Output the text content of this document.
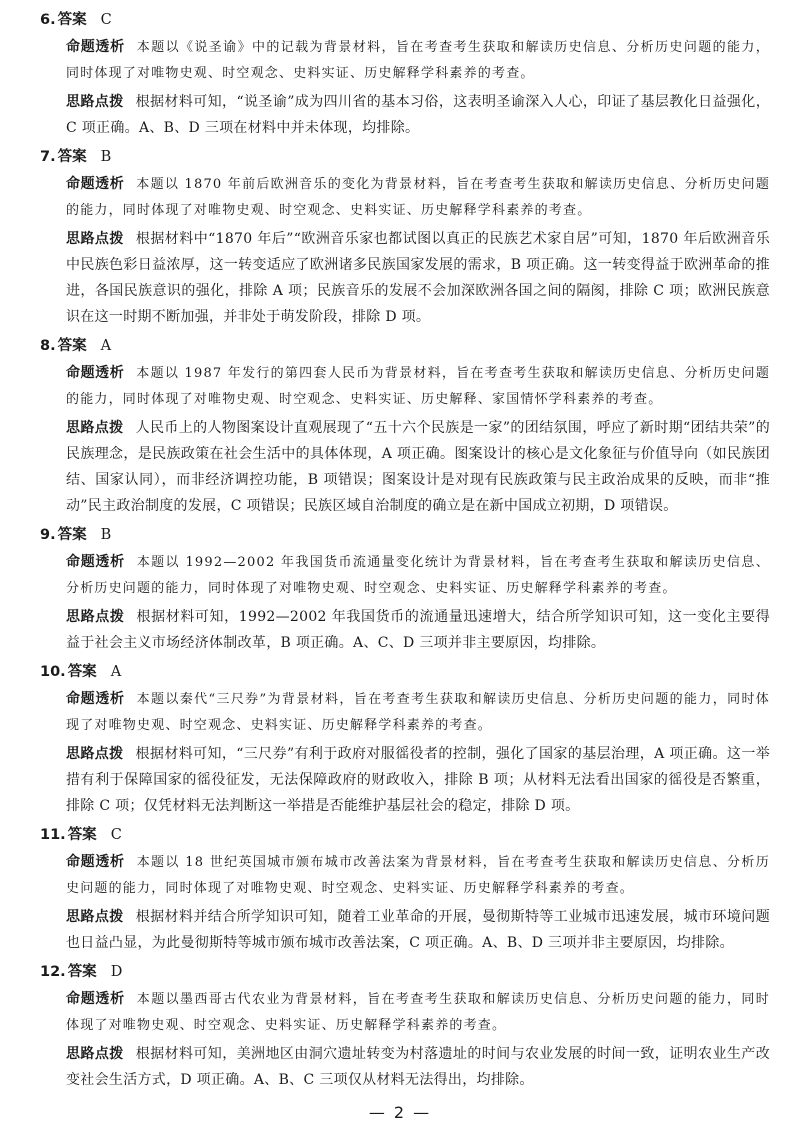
6. 答案 C

命题透析 本题以《说圣谕》中的记载为背景材料，旨在考查考生获取和解读历史信息、分析历史问题的能力，同时体现了对唯物史观、时空观念、史料实证、历史解释学科素养的考查。

思路点拨 根据材料可知，“说圣谕”成为四川省的基本习俗，这表明圣谕深入人心，印证了基层教化日益强化，C 项正确。A、B、D 三项在材料中并未体现，均排除。

7. 答案 B

命题透析 本题以 1870 年前后欧洲音乐的变化为背景材料，旨在考查考生获取和解读历史信息、分析历史问题的能力，同时体现了对唯物史观、时空观念、史料实证、历史解释学科素养的考查。

思路点拨 根据材料中“1870 年后”“欧洲音乐家也都试图以真正的民族艺术家自居”可知，1870 年后欧洲音乐中民族色彩日益浓厚，这一转变适应了欧洲诸多民族国家发展的需求，B 项正确。这一转变得益于欧洲革命的推进，各国民族意识的强化，排除 A 项；民族音乐的发展不会加深欧洲各国之间的隔阂，排除 C 项；欧洲民族意识在这一时期不断加强，并非处于萌发阶段，排除 D 项。

8. 答案 A

命题透析 本题以 1987 年发行的第四套人民币为背景材料，旨在考查考生获取和解读历史信息、分析历史问题的能力，同时体现了对唯物史观、时空观念、史料实证、历史解释、家国情怀学科素养的考查。

思路点拨 人民币上的人物图案设计直观展现了“五十六个民族是一家”的团结氛围，呼应了新时期“团结共荣”的民族理念，是民族政策在社会生活中的具体体现，A 项正确。图案设计的核心是文化象征与价值导向（如民族团结、国家认同），而非经济调控功能，B 项错误；图案设计是对现有民族政策与民主政治成果的反映，而非“推动”民主政治制度的发展，C 项错误；民族区域自治制度的确立是在新中国成立初期，D 项错误。

9. 答案 B

命题透析 本题以 1992—2002 年我国货币流通量变化统计为背景材料，旨在考查考生获取和解读历史信息、分析历史问题的能力，同时体现了对唯物史观、时空观念、史料实证、历史解释学科素养的考查。

思路点拨 根据材料可知，1992—2002 年我国货币的流通量迅速增大，结合所学知识可知，这一变化主要得益于社会主义市场经济体制改革，B 项正确。A、C、D 三项并非主要原因，均排除。

10. 答案 A

命题透析 本题以秦代“三尺券”为背景材料，旨在考查考生获取和解读历史信息、分析历史问题的能力，同时体现了对唯物史观、时空观念、史料实证、历史解释学科素养的考查。

思路点拨 根据材料可知，“三尺券”有利于政府对服徭役者的控制，强化了国家的基层治理，A 项正确。这一举措有利于保障国家的徭役征发，无法保障政府的财政收入，排除 B 项；从材料无法看出国家的徭役是否繁重，排除 C 项；仅凭材料无法判断这一举措是否能维护基层社会的稳定，排除 D 项。

11. 答案 C

命题透析 本题以 18 世纪英国城市颁布城市改善法案为背景材料，旨在考查考生获取和解读历史信息、分析历史问题的能力，同时体现了对唯物史观、时空观念、史料实证、历史解释学科素养的考查。

思路点拨 根据材料并结合所学知识可知，随着工业革命的开展，曼彻斯特等工业城市迅速发展，城市环境问题也日益凸显，为此曼彻斯特等城市颁布城市改善法案，C 项正确。A、B、D 三项并非主要原因，均排除。

12. 答案 D

命题透析 本题以墨西哥古代农业为背景材料，旨在考查考生获取和解读历史信息、分析历史问题的能力，同时体现了对唯物史观、时空观念、史料实证、历史解释学科素养的考查。

思路点拨 根据材料可知，美洲地区由洞穴遗址转变为村落遗址的时间与农业发展的时间一致，证明农业生产改变社会生活方式，D 项正确。A、B、C 三项仅从材料无法得出，均排除。

— 2 —
